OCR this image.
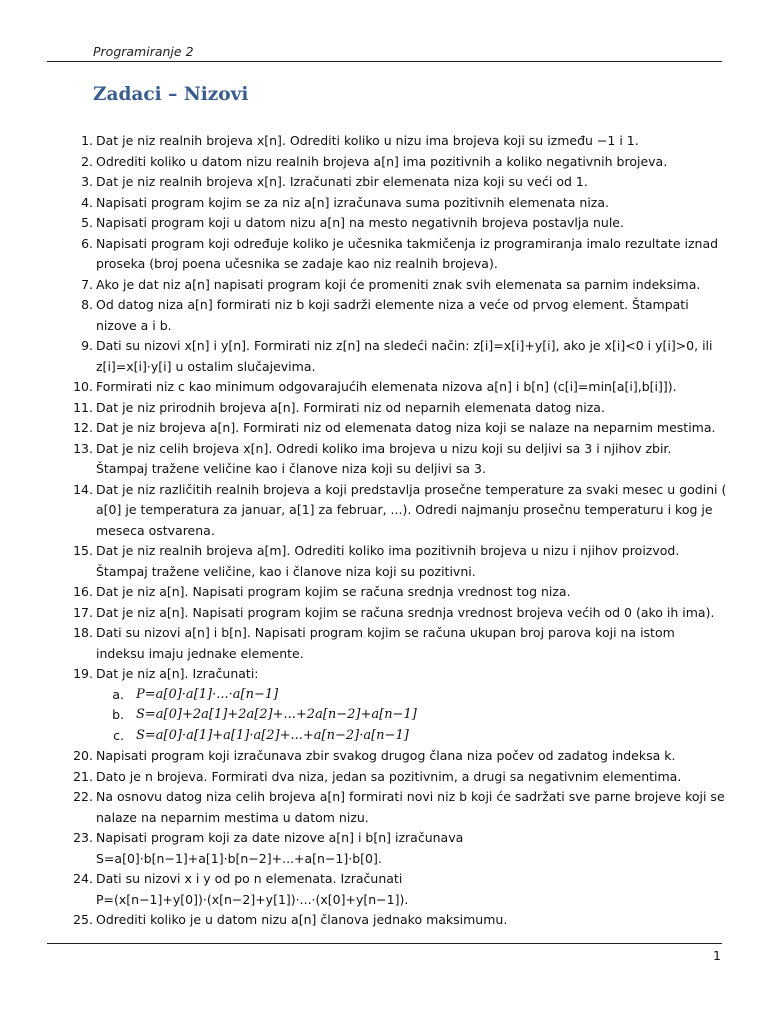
Programiranje 2
Zadaci – Nizovi
1. Dat je niz realnih brojeva x[n]. Odrediti koliko u nizu ima brojeva koji su između −1 i 1.
2. Odrediti koliko u datom nizu realnih brojeva a[n] ima pozitivnih a koliko negativnih brojeva.
3. Dat je niz realnih brojeva x[n]. Izračunati zbir elemenata niza koji su veći od 1.
4. Napisati program kojim se za niz a[n] izračunava suma pozitivnih elemenata niza.
5. Napisati program koji u datom nizu a[n] na mesto negativnih brojeva postavlja nule.
6. Napisati program koji određuje koliko je učesnika takmičenja iz programiranja imalo rezultate iznad
proseka (broj poena učesnika se zadaje kao niz realnih brojeva).
7. Ako je dat niz a[n] napisati program koji će promeniti znak svih elemenata sa parnim indeksima.
8. Od datog niza a[n] formirati niz b koji sadrži elemente niza a veće od prvog element. Štampati
nizove a i b.
9. Dati su nizovi x[n] i y[n]. Formirati niz z[n] na sledeći način: z[i]=x[i]+y[i], ako je x[i]<0 i y[i]>0, ili
z[i]=x[i]·y[i] u ostalim slučajevima.
10. Formirati niz c kao minimum odgovarajućih elemenata nizova a[n] i b[n] (c[i]=min[a[i],b[i]]).
11. Dat je niz prirodnih brojeva a[n]. Formirati niz od neparnih elemenata datog niza.
12. Dat je niz brojeva a[n]. Formirati niz od elemenata datog niza koji se nalaze na neparnim mestima.
13. Dat je niz celih brojeva x[n]. Odredi koliko ima brojeva u nizu koji su deljivi sa 3 i njihov zbir.
Štampaj tražene veličine kao i članove niza koji su deljivi sa 3.
14. Dat je niz različitih realnih brojeva a koji predstavlja prosečne temperature za svaki mesec u godini (
a[0] je temperatura za januar, a[1] za februar, ...). Odredi najmanju prosečnu temperaturu i kog je
meseca ostvarena.
15. Dat je niz realnih brojeva a[m]. Odrediti koliko ima pozitivnih brojeva u nizu i njihov proizvod.
Štampaj tražene veličine, kao i članove niza koji su pozitivni.
16. Dat je niz a[n]. Napisati program kojim se računa srednja vrednost tog niza.
17. Dat je niz a[n]. Napisati program kojim se računa srednja vrednost brojeva većih od 0 (ako ih ima).
18. Dati su nizovi a[n] i b[n]. Napisati program kojim se računa ukupan broj parova koji na istom
indeksu imaju jednake elemente.
19. Dat je niz a[n]. Izračunati:
a. P=a[0]·a[1]·...·a[n−1]
b. S=a[0]+2a[1]+2a[2]+...+2a[n−2]+a[n−1]
c. S=a[0]·a[1]+a[1]·a[2]+...+a[n−2]·a[n−1]
20. Napisati program koji izračunava zbir svakog drugog člana niza počev od zadatog indeksa k.
21. Dato je n brojeva. Formirati dva niza, jedan sa pozitivnim, a drugi sa negativnim elementima.
22. Na osnovu datog niza celih brojeva a[n] formirati novi niz b koji će sadržati sve parne brojeve koji se
nalaze na neparnim mestima u datom nizu.
23. Napisati program koji za date nizove a[n] i b[n] izračunava
S=a[0]·b[n−1]+a[1]·b[n−2]+...+a[n−1]·b[0].
24. Dati su nizovi x i y od po n elemenata. Izračunati
P=(x[n−1]+y[0])·(x[n−2]+y[1])·...·(x[0]+y[n−1]).
25. Odrediti koliko je u datom nizu a[n] članova jednako maksimumu.
1
